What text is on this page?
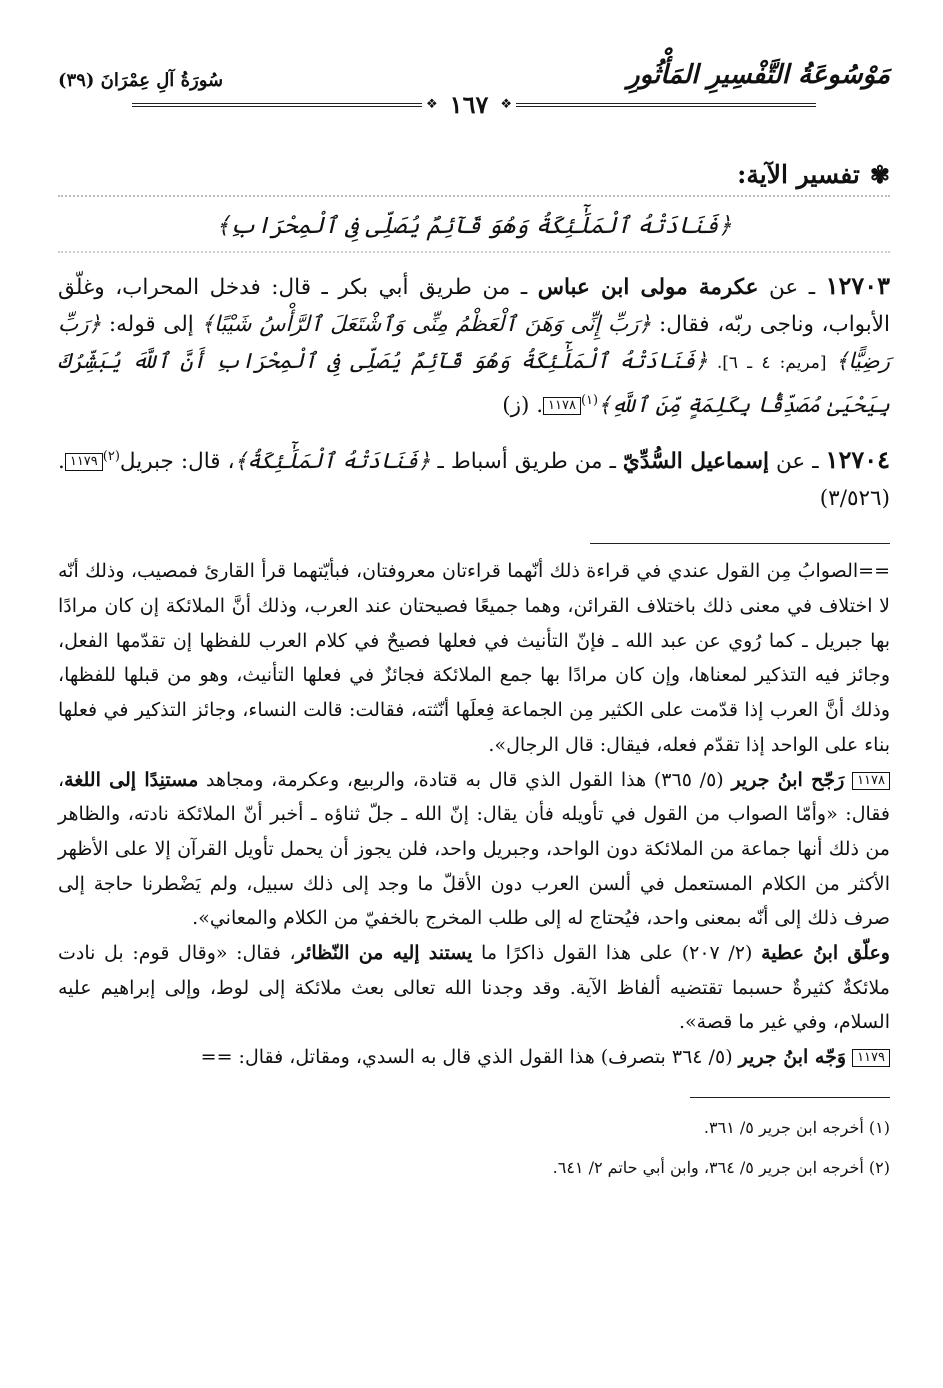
مَوْسُوعَةُ التَّفْسِيرِ المَأْثُورِ
سُورَةُ آلِ عِمْرَانَ (٣٩)
❖
١٦٧
❖
✾
تفسير الآية:
﴿فَنَادَتْهُ ٱلْمَلَٰٓئِكَةُ وَهُوَ قَآئِمٌ يُصَلِّى فِى ٱلْمِحْرَابِ﴾
١٢٧٠٣ ـ عن عكرمة مولى ابن عباس ـ من طريق أبي بكر ـ قال: فدخل المحراب، وغلّق الأبواب، وناجى ربّه، فقال: ﴿رَبِّ إِنِّى وَهَنَ ٱلْعَظْمُ مِنِّى وَٱشْتَعَلَ ٱلرَّأْسُ شَيْبًا﴾ إلى قوله: ﴿رَبِّ رَضِيًّا﴾ [مريم: ٤ ـ ٦]. ﴿فَنَادَتْهُ ٱلْمَلَٰٓئِكَةُ وَهُوَ قَآئِمٌ يُصَلِّى فِى ٱلْمِحْرَابِ أَنَّ ٱللَّهَ يُبَشِّرُكَ بِيَحْيَىٰ مُصَدِّقًۢا بِكَلِمَةٍ مِّنَ ٱللَّهِ﴾$^{(١)}$١١٧٨. (ز)
١٢٧٠٤ ـ عن إسماعيل السُّدِّيّ ـ من طريق أسباط ـ ﴿فَنَادَتْهُ ٱلْمَلَٰٓئِكَةُ﴾، قال: جبريل$^{(٢)}$١١٧٩. (٣/٥٢٦)

==الصوابُ مِن القول عندي في قراءة ذلك أنّهما قراءتان معروفتان، فبأيّتهما قرأ القارئ فمصيب، وذلك أنّه لا اختلاف في معنى ذلك باختلاف القرائن، وهما جميعًا فصيحتان عند العرب، وذلك أنَّ الملائكة إن كان مرادًا بها جبريل ـ كما رُوي عن عبد الله ـ فإنّ التأنيث في فعلها فصيحٌ في كلام العرب للفظها إن تقدّمها الفعل، وجائز فيه التذكير لمعناها، وإن كان مرادًا بها جمع الملائكة فجائزٌ في فعلها التأنيث، وهو من قبلها للفظها، وذلك أنَّ العرب إذا قدّمت على الكثير مِن الجماعة فِعلَها أنّثته، فقالت: قالت النساء، وجائز التذكير في فعلها بناء على الواحد إذا تقدّم فعله، فيقال: قال الرجال».

١١٧٨ رَجّح ابنُ جرير (٥/ ٣٦٥) هذا القول الذي قال به قتادة، والربيع، وعكرمة، ومجاهد مستنِدًا إلى اللغة، فقال: «وأمّا الصواب من القول في تأويله فأن يقال: إنّ الله ـ جلّ ثناؤه ـ أخبر أنّ الملائكة نادته، والظاهر من ذلك أنها جماعة من الملائكة دون الواحد، وجبريل واحد، فلن يجوز أن يحمل تأويل القرآن إلا على الأظهر الأكثر من الكلام المستعمل في ألسن العرب دون الأقلّ ما وجد إلى ذلك سبيل، ولم يَضْطرنا حاجة إلى صرف ذلك إلى أنّه بمعنى واحد، فيُحتاج له إلى طلب المخرج بالخفيّ من الكلام والمعاني».

وعلّق ابنُ عطية (٢/ ٢٠٧) على هذا القول ذاكرًا ما يستند إليه من النّظائر، فقال: «وقال قوم: بل نادت ملائكةٌ كثيرةٌ حسبما تقتضيه ألفاظ الآية. وقد وجدنا الله تعالى بعث ملائكة إلى لوط، وإلى إبراهيم عليه السلام، وفي غير ما قصة».

١١٧٩ وَجّه ابنُ جرير (٥/ ٣٦٤ بتصرف) هذا القول الذي قال به السدي، ومقاتل، فقال: ==

(١) أخرجه ابن جرير ٥/ ٣٦١.

(٢) أخرجه ابن جرير ٥/ ٣٦٤، وابن أبي حاتم ٢/ ٦٤١.
